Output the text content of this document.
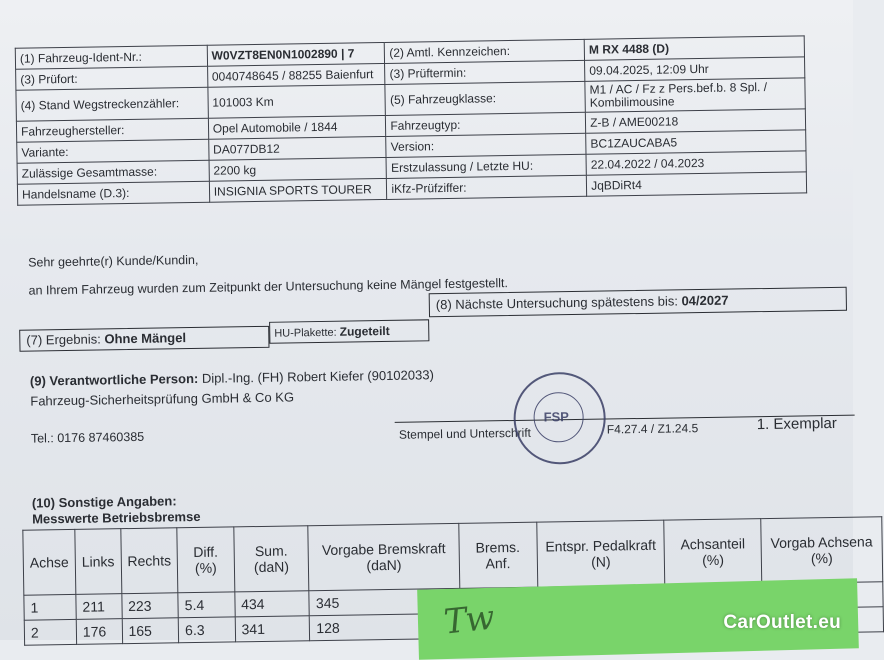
(1) Fahrzeug-Ident-Nr.:	W0VZT8EN0N1002890 | 7	(2) Amtl. Kennzeichen:	M RX 4488 (D)
(3) Prüfort:	0040748645 / 88255 Baienfurt	(3) Prüftermin:	09.04.2025, 12:09 Uhr
(4) Stand Wegstreckenzähler:	101003 Km	(5) Fahrzeugklasse:	M1 / AC / Fz z Pers.bef.b. 8 Spl. / Kombilimousine
Fahrzeughersteller:	Opel Automobile / 1844	Fahrzeugtyp:	Z-B / AME00218
Variante:	DA077DB12	Version:	BC1ZAUCABA5
Zulässige Gesamtmasse:	2200 kg	Erstzulassung / Letzte HU:	22.04.2022 / 04.2023
Handelsname (D.3):	INSIGNIA SPORTS TOURER	iKfz-Prüfziffer:	JqBDiRt4
Sehr geehrte(r) Kunde/Kundin,
an Ihrem Fahrzeug wurden zum Zeitpunkt der Untersuchung keine Mängel festgestellt.
(7) Ergebnis: Ohne Mängel	HU-Plakette: Zugeteilt
(8) Nächste Untersuchung spätestens bis: 04/2027
(9) Verantwortliche Person: Dipl.-Ing. (FH) Robert Kiefer (90102033)
Fahrzeug-Sicherheitsprüfung GmbH & Co KG
Tel.: 0176 87460385	Stempel und Unterschrift	F4.27.4 / Z1.24.5	1. Exemplar
FSP
(10) Sonstige Angaben:
Messwerte Betriebsbremse
Achse	Links	Rechts	Diff. (%)	Sum. (daN)	Vorgabe Bremskraft (daN)	Brems. Anf.	Entspr. Pedalkraft (N)	Achsanteil (%)	Vorgab Achsena (%)
1	211	223	5.4	434	345				
2	176	165	6.3	341	128					Tw	CarOutlet.eu
